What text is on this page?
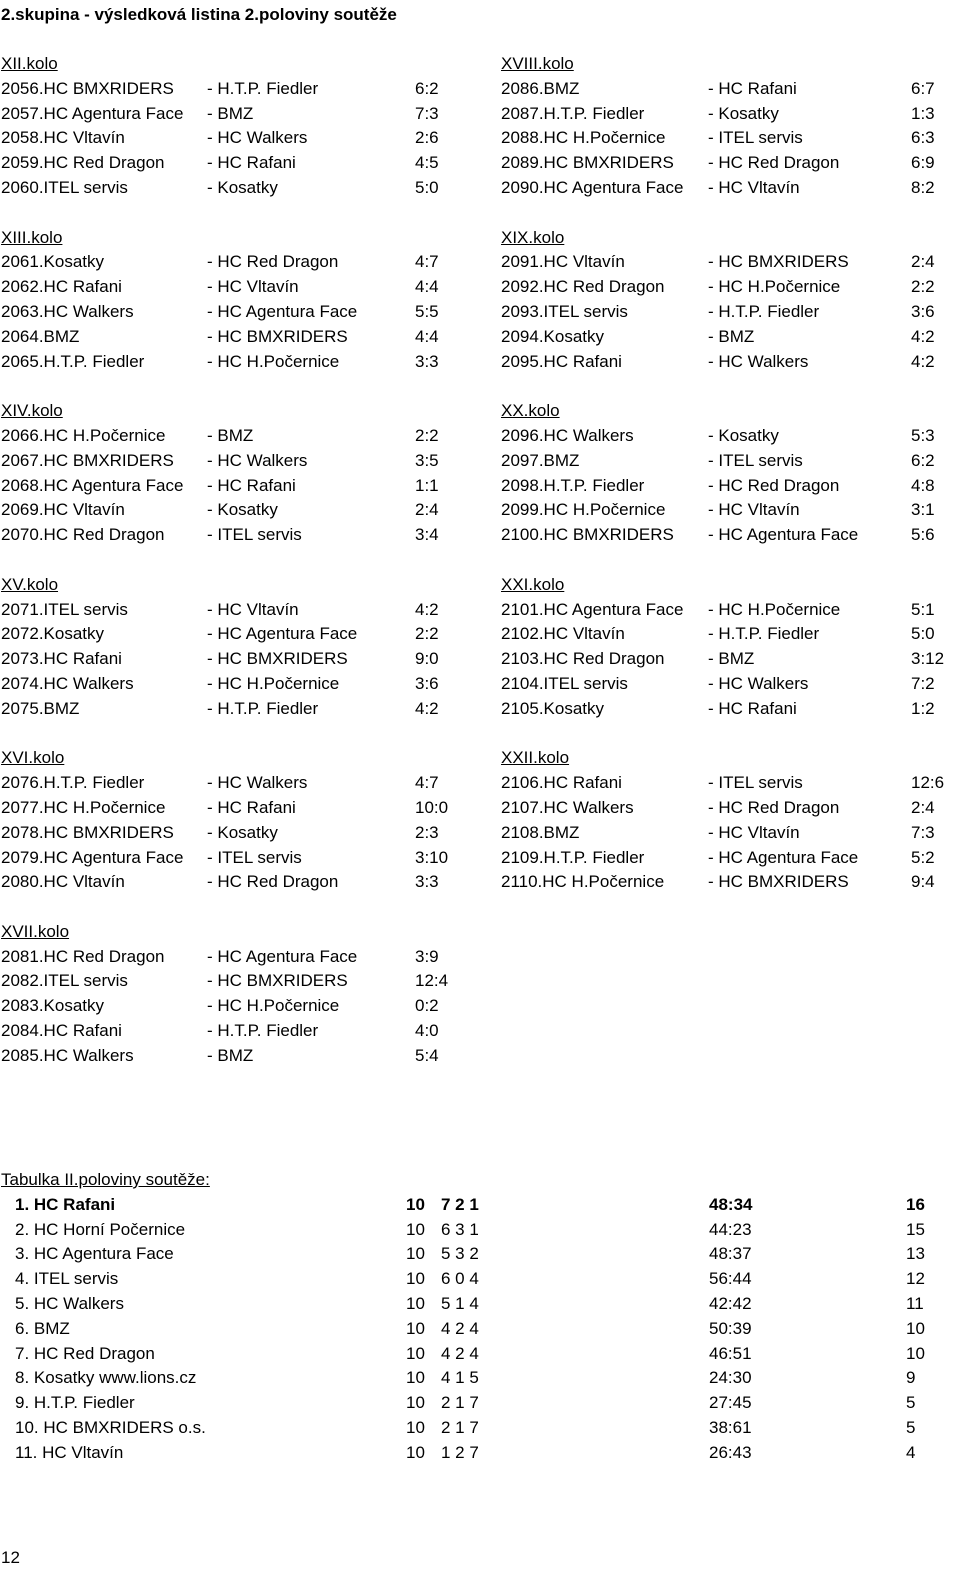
2.skupina - výsledková listina 2.poloviny soutěže
XII.kolo
2056.HC BMXRIDERS - H.T.P. Fiedler	6:2
2057.HC Agentura Face - BMZ	7:3
2058.HC Vltavín	- HC Walkers	2:6
2059.HC Red Dragon	- HC Rafani	4:5
2060.ITEL servis	- Kosatky	5:0
XIII.kolo
2061.Kosatky	- HC Red Dragon	4:7
2062.HC Rafani	- HC Vltavín	4:4
2063.HC Walkers	- HC Agentura Face	5:5
2064.BMZ	- HC BMXRIDERS	4:4
2065.H.T.P. Fiedler	- HC H.Počernice	3:3
XIV.kolo
2066.HC H.Počernice - BMZ	2:2
2067.HC BMXRIDERS - HC Walkers	3:5
2068.HC Agentura Face - HC Rafani	1:1
2069.HC Vltavín	- Kosatky	2:4
2070.HC Red Dragon	- ITEL servis	3:4
XV.kolo
2071.ITEL servis	- HC Vltavín	4:2
2072.Kosatky	- HC Agentura Face	2:2
2073.HC Rafani	- HC BMXRIDERS	9:0
2074.HC Walkers	- HC H.Počernice	3:6
2075.BMZ	- H.T.P. Fiedler	4:2
XVI.kolo
2076.H.T.P. Fiedler	- HC Walkers	4:7
2077.HC H.Počernice - HC Rafani	10:0
2078.HC BMXRIDERS - Kosatky	2:3
2079.HC Agentura Face - ITEL servis	3:10
2080.HC Vltavín	- HC Red Dragon	3:3
XVII.kolo
2081.HC Red Dragon	- HC Agentura Face	3:9
2082.ITEL servis	- HC BMXRIDERS	12:4
2083.Kosatky	- HC H.Počernice	0:2
2084.HC Rafani	- H.T.P. Fiedler	4:0
2085.HC Walkers	- BMZ	5:4
XVIII.kolo
2086.BMZ	- HC Rafani	6:7
2087.H.T.P. Fiedler	- Kosatky	1:3
2088.HC H.Počernice	- ITEL servis	6:3
2089.HC BMXRIDERS - HC Red Dragon	6:9
2090.HC Agentura Face - HC Vltavín	8:2
XIX.kolo
2091.HC Vltavín	- HC BMXRIDERS	2:4
2092.HC Red Dragon	- HC H.Počernice	2:2
2093.ITEL servis	- H.T.P. Fiedler	3:6
2094.Kosatky	- BMZ	4:2
2095.HC Rafani	- HC Walkers	4:2
XX.kolo
2096.HC Walkers	- Kosatky	5:3
2097.BMZ	- ITEL servis	6:2
2098.H.T.P. Fiedler	- HC Red Dragon	4:8
2099.HC H.Počernice	- HC Vltavín	3:1
2100.HC BMXRIDERS - HC Agentura Face	5:6
XXI.kolo
2101.HC Agentura Face - HC H.Počernice	5:1
2102.HC Vltavín	- H.T.P. Fiedler	5:0
2103.HC Red Dragon	- BMZ	3:12
2104.ITEL servis	- HC Walkers	7:2
2105.Kosatky	- HC Rafani	1:2
XXII.kolo
2106.HC Rafani	- ITEL servis	12:6
2107.HC Walkers	- HC Red Dragon	2:4
2108.BMZ	- HC Vltavín	7:3
2109.H.T.P. Fiedler	- HC Agentura Face	5:2
2110.HC H.Počernice	- HC BMXRIDERS	9:4
Tabulka II.poloviny soutěže:
1. HC Rafani	10 7 2 1	48:34	16
2. HC Horní Počernice	10 6 3 1	44:23	15
3. HC Agentura Face	10 5 3 2	48:37	13
4. ITEL servis	10 6 0 4	56:44	12
5. HC Walkers	10 5 1 4	42:42	11
6. BMZ	10 4 2 4	50:39	10
7. HC Red Dragon	10 4 2 4	46:51	10
8. Kosatky www.lions.cz	10 4 1 5	24:30	9
9. H.T.P. Fiedler	10 2 1 7	27:45	5
10. HC BMXRIDERS o.s.	10 2 1 7	38:61	5
11. HC Vltavín	10 1 2 7	26:43	4
12
